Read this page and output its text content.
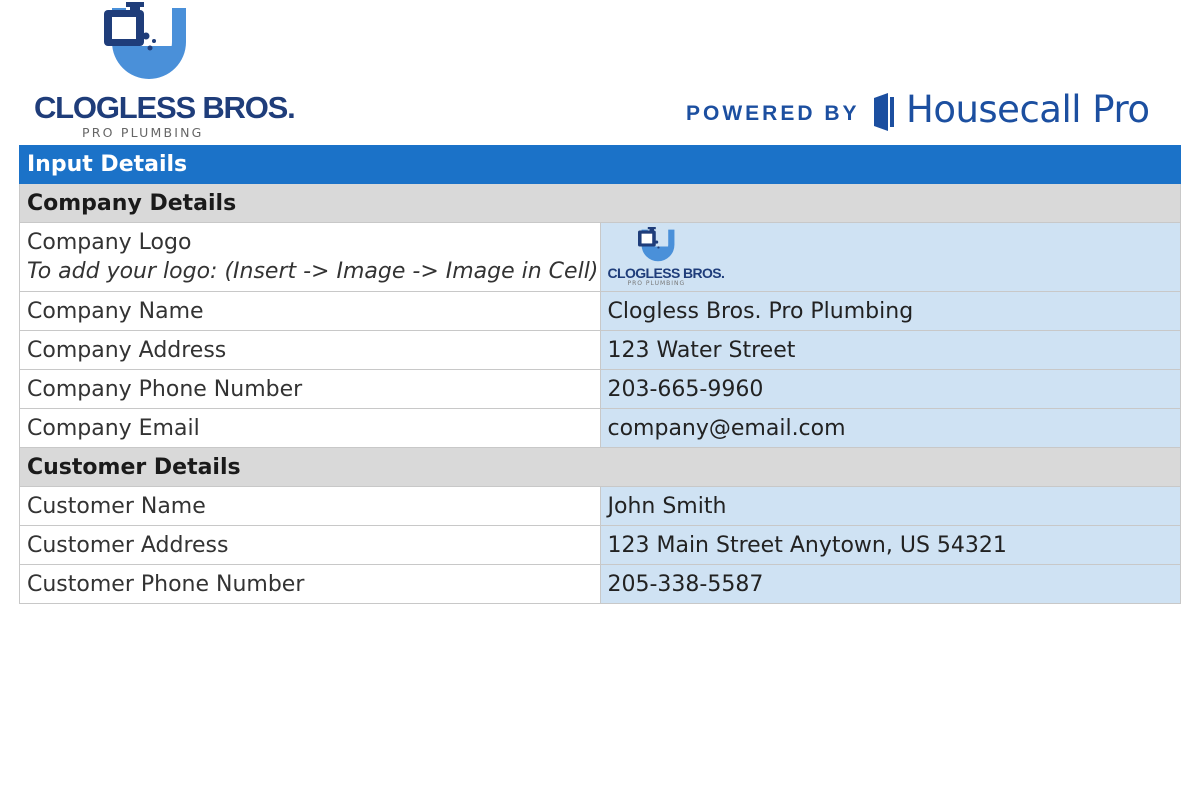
CLOGLESS BROS.
PRO PLUMBING
POWERED BY Housecall Pro
Input Details	
Company Details	

Company Logo
To add your logo: (Insert -> Image -> Image in Cell)	CLOGLESS BROS.
PRO PLUMBING

Company Name	Clogless Bros. Pro Plumbing
Company Address	123 Water Street
Company Phone Number	203-665-9960
Company Email	company@email.com
Customer Details	
Customer Name	John Smith
Customer Address	123 Main Street Anytown, US 54321
Customer Phone Number	205-338-5587
